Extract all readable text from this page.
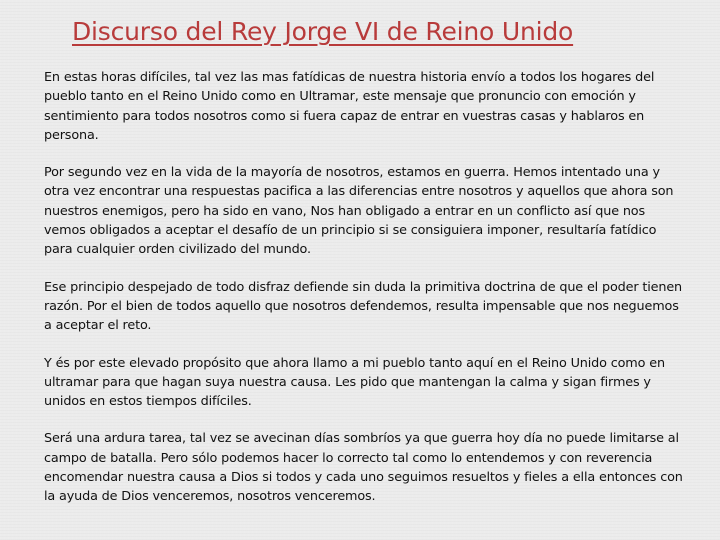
Discurso del Rey Jorge VI de Reino Unido

En estas horas difíciles, tal vez las mas fatídicas de nuestra historia envío a todos los hogares del pueblo tanto en el Reino Unido como en Ultramar, este mensaje que pronuncio con emoción y sentimiento para todos nosotros como si fuera capaz de entrar en vuestras casas y hablaros en persona.

Por segundo vez en la vida de la mayoría de nosotros, estamos en guerra. Hemos intentado una y otra vez encontrar una respuestas pacifica a las diferencias entre nosotros y aquellos que ahora son nuestros enemigos, pero ha sido en vano, Nos han obligado a entrar en un conflicto así que nos vemos obligados a aceptar el desafío de un principio si se consiguiera imponer, resultaría fatídico para cualquier orden civilizado del mundo.

Ese principio despejado de todo disfraz defiende sin duda la primitiva doctrina de que el poder tienen razón. Por el bien de todos aquello que nosotros defendemos, resulta impensable que nos neguemos a aceptar el reto.

Y és por este elevado propósito que ahora llamo a mi pueblo tanto aquí en el Reino Unido como en ultramar para que hagan suya nuestra causa. Les pido que mantengan la calma y sigan firmes y unidos en estos tiempos difíciles.

Será una ardura tarea, tal vez se avecinan días sombríos ya que guerra hoy día no puede limitarse al campo de batalla. Pero sólo podemos hacer lo correcto tal como lo entendemos y con reverencia encomendar nuestra causa a Dios si todos y cada uno seguimos resueltos y fieles a ella entonces con la ayuda de Dios venceremos, nosotros venceremos.
